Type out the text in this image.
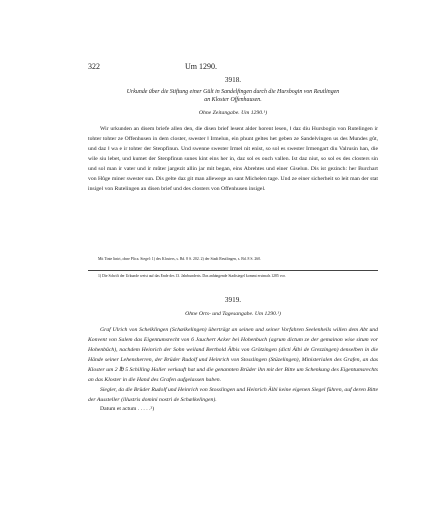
322	Um 1290.
3918.
Urkunde über die Stiftung einer Gült in Sandelfingen durch die Hursbogin von Reutlingen
an Kloster Offenhausen.
Ohne Zeitangabe. Um 1290.¹)

Wir urkunden an disem briefe allen den, die disen brief lesent alder horent lesen, ‖ daz diu Hursbogin von Rutelingen ir tohter tohter ze Offenhusen in dem closter, swester ‖ Irmelun, ein phunt geltes het geben ze Sandelvingen us des Mundes gůt, und daz ‖ wa e ir tohter der Stenpfinun. Und swenne swester Irmel nit enist, so sol es swester Irmengart diu Valrusin han, die wile siu lebet, und kumet der Stenpfinun sunes kint eins her in, daz sol es ouch vallen. Ist daz niut, so sol es des closters sin und sol man ir vater und ir můter jargezit allin jar mit began, eins Abrehtes und einer Giselun. Dis ist gezinch: her Burchart von Hůge miner swester sun. Dis gelte daz git man allewege an sant Michelen tage. Und ze einer sicherheit so leit man der stat insigel von Rutelingen an disen brief und des closters von Offenhusen insigel.

Mit Tinte linirt, ohne Plica. Siegel: 1) des Klosters, s. Bd. 8 S. 202. 2) der Stadt Reutlingen, s. Bd. 8 S. 260.

1) Die Schrift der Urkunde weist auf das Ende des 13. Jahrhunderts. Das anhängende Stadtsiegel kommt erstmals 1285 vor.

3919.
Ohne Orts- und Tagesangabe. Um 1290.¹)

Graf Ulrich von Schelklingen (Schælkelingen) überträgt an seinen und seiner Vorfahren Seelenheils willen dem Abt und Konvent von Salem das Eigentumsrecht von 6 Jauchert Acker bei Hohenbuch (agrum dictum ze der gemainon wise situm vor Hohenbůch), nachdem Heinrich der Sohn weiland Berthold Älbis von Grötzingen (dicti Älbi de Grezzingen) denselben in die Hände seiner Lehensherren, der Brüder Rudolf und Heinrich von Stosslingen (Stüzelingen), Ministerialen des Grafen, an das Kloster um 2 ℔ 5 Schilling Haller verkauft hat und die genannten Brüder ihn mit der Bitte um Schenkung des Eigentumsrechts an das Kloster in die Hand des Grafen aufgelassen haben.

Siegler, da die Brüder Rudolf und Heinrich von Stosslingen und Heinrich Älbi keine eigenen Siegel führen, auf deren Bitte der Aussteller (illustris domini nostri de Schælkelingen).

Datum et actum . . . . .²)
